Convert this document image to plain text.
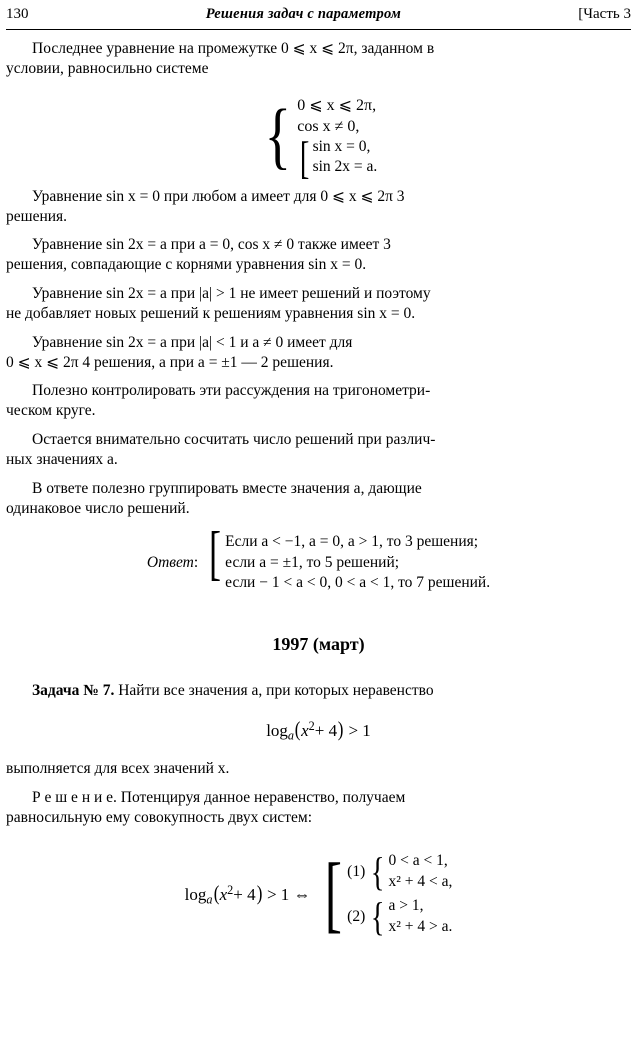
130	Решения задач с параметром	[Часть 3

Последнее уравнение на промежутке 0 ⩽ x ⩽ 2π, заданном в
условии, равносильно системе

{ 0 ⩽ x ⩽ 2π,
cos x ≠ 0,
[ sin x = 0,
sin 2x = a.

Уравнение sin x = 0 при любом a имеет для 0 ⩽ x ⩽ 2π 3
решения.

Уравнение sin 2x = a при a = 0, cos x ≠ 0 также имеет 3
решения, совпадающие с корнями уравнения sin x = 0.

Уравнение sin 2x = a при |a| > 1 не имеет решений и поэтому
не добавляет новых решений к решениям уравнения sin x = 0.

Уравнение sin 2x = a при |a| < 1 и a ≠ 0 имеет для
0 ⩽ x ⩽ 2π 4 решения, а при a = ±1 — 2 решения.

Полезно контролировать эти рассуждения на тригонометри-
ческом круге.

Остается внимательно сосчитать число решений при различ-
ных значениях a.

В ответе полезно группировать вместе значения a, дающие
одинаковое число решений.

Ответ: [ Если a < −1, a = 0, a > 1, то 3 решения;
если a = ±1, то 5 решений;
если − 1 < a < 0, 0 < a < 1, то 7 решений.
1997 (март)

Задача № 7. Найти все значения a, при которых неравенство

$\log_a(x^2+ 4) > 1$

выполняется для всех значений x.

Р е ш е н и е. Потенцируя данное неравенство, получаем
равносильную ему совокупность двух систем:

$\log_a(x^2+ 4) > 1$ ⇔ [ (1) { 0 < a < 1,
x² + 4 < a,
(2) { a > 1,
x² + 4 > a.
